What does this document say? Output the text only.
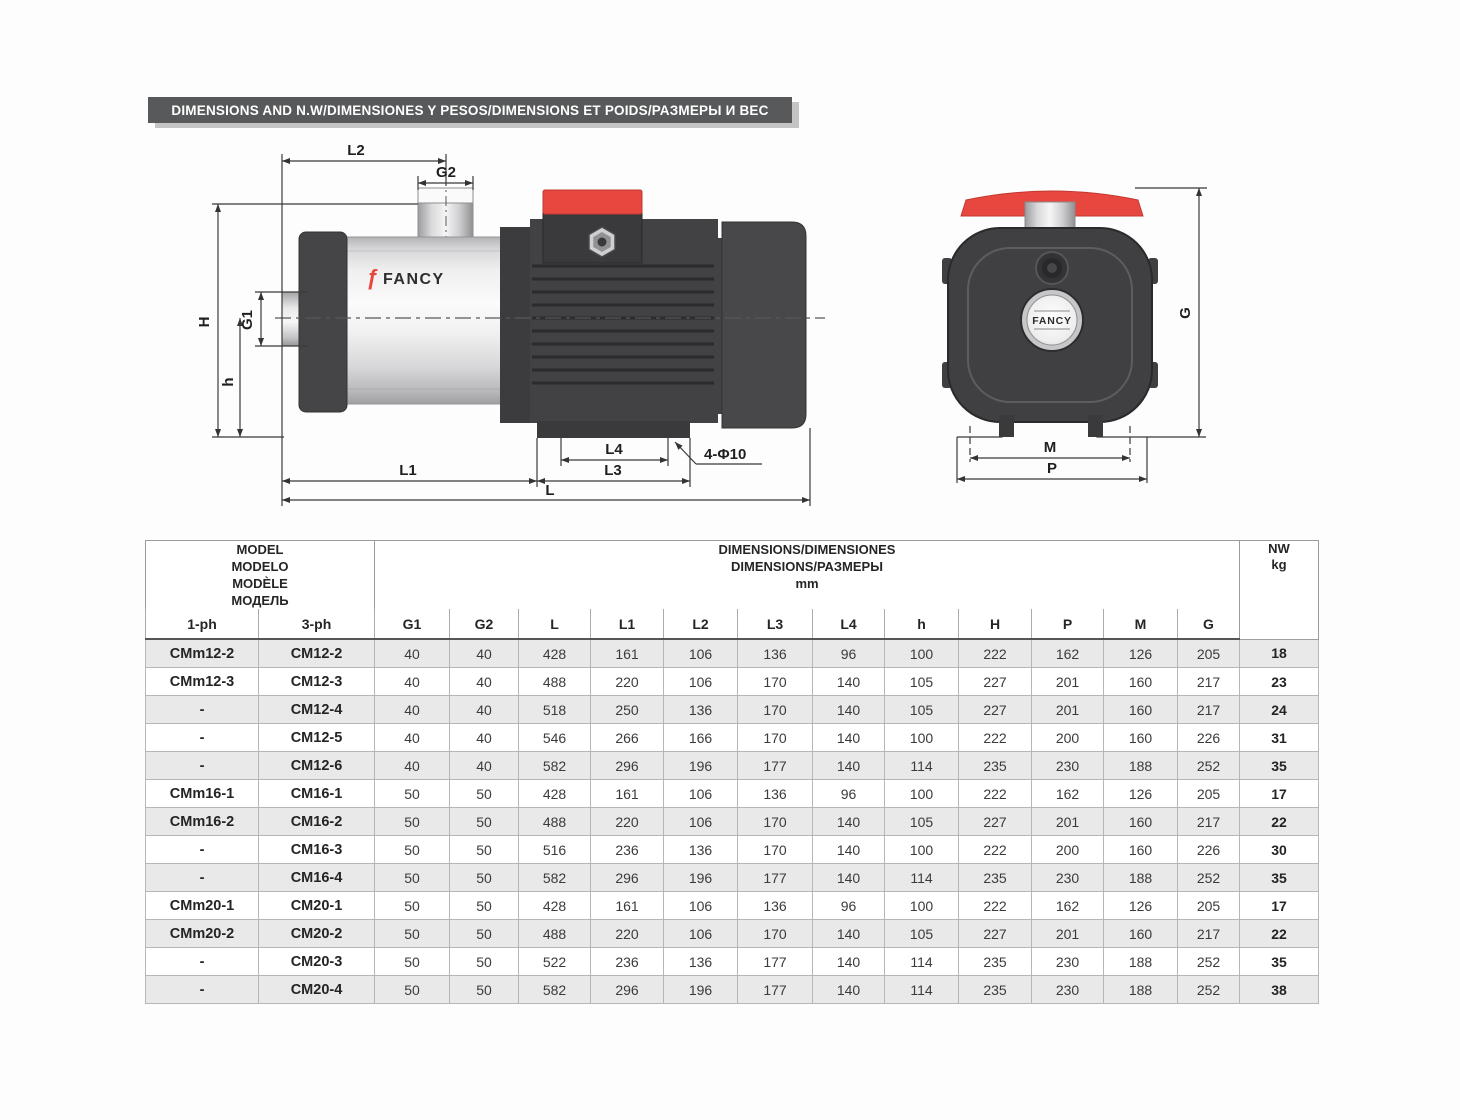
DIMENSIONS AND N.W/DIMENSIONES Y PESOS/DIMENSIONS ET POIDS/РАЗМЕРЫ И ВЕС
ƒ FANCY
L2
G2
H G1
h
L4
L1	L3
L
4-Φ10
FANCY
G
M
P
MODEL
MODELO
MODÈLE
МОДЕЛЬ

DIMENSIONS/DIMENSIONES
DIMENSIONS/РАЗМЕРЫ
mm

NW
kg

1-ph	3-ph	G1	G2	L	L1	L2	L3	L4	h	H	P	M	G	
CMm12-2	CM12-2	40	40	428	161	106	136	96	100	222	162	126	205	18
CMm12-3	CM12-3	40	40	488	220	106	170	140	105	227	201	160	217	23
-	CM12-4	40	40	518	250	136	170	140	105	227	201	160	217	24
-	CM12-5	40	40	546	266	166	170	140	100	222	200	160	226	31
-	CM12-6	40	40	582	296	196	177	140	114	235	230	188	252	35
CMm16-1	CM16-1	50	50	428	161	106	136	96	100	222	162	126	205	17
CMm16-2	CM16-2	50	50	488	220	106	170	140	105	227	201	160	217	22
-	CM16-3	50	50	516	236	136	170	140	100	222	200	160	226	30
-	CM16-4	50	50	582	296	196	177	140	114	235	230	188	252	35
CMm20-1	CM20-1	50	50	428	161	106	136	96	100	222	162	126	205	17
CMm20-2	CM20-2	50	50	488	220	106	170	140	105	227	201	160	217	22
-	CM20-3	50	50	522	236	136	177	140	114	235	230	188	252	35
-	CM20-4	50	50	582	296	196	177	140	114	235	230	188	252	38
